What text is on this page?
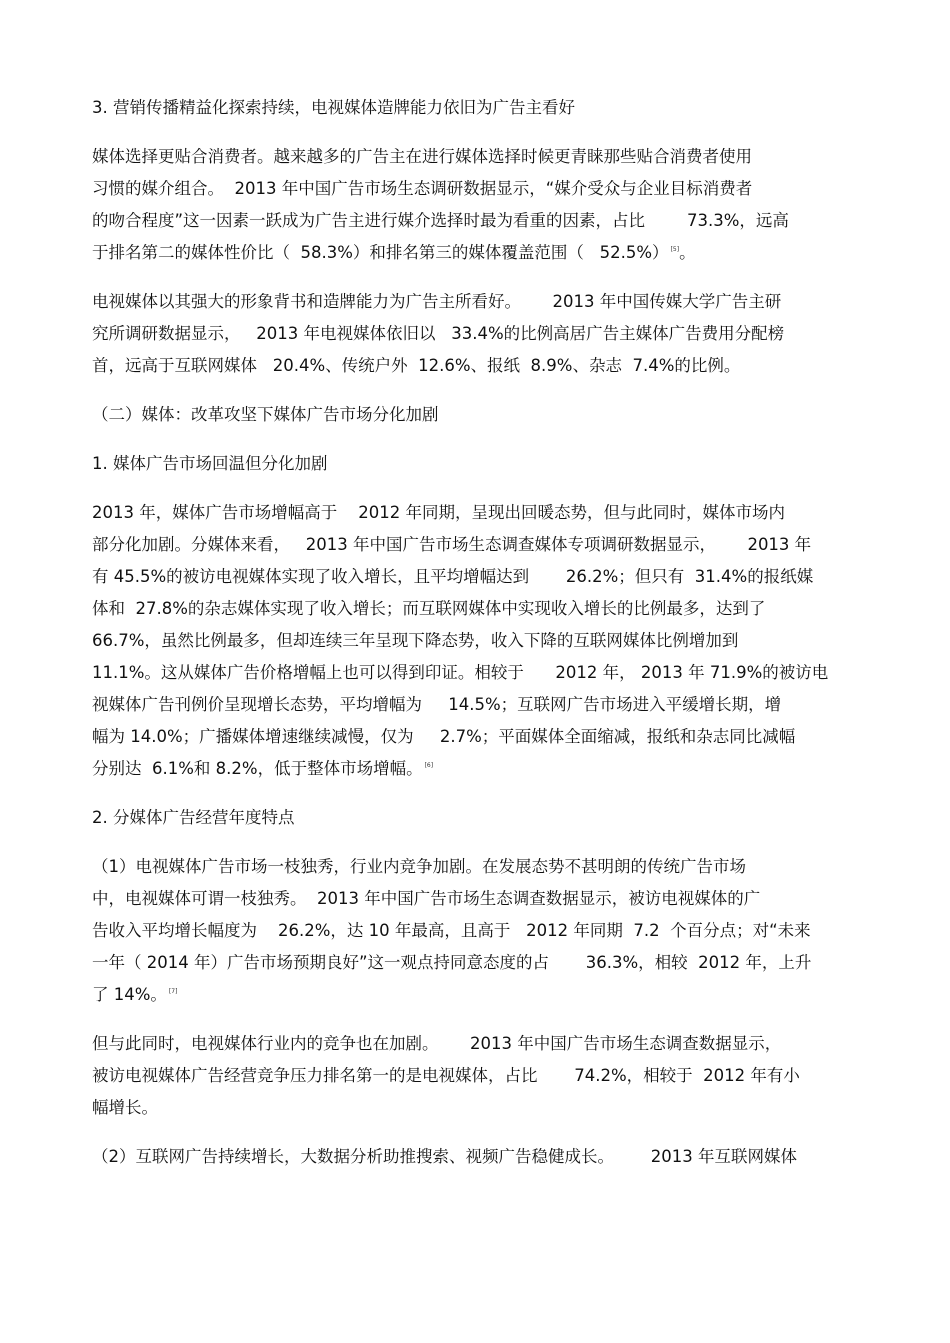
3. 营销传播精益化探索持续，电视媒体造牌能力依旧为广告主看好
媒体选择更贴合消费者。越来越多的广告主在进行媒体选择时候更青睐那些贴合消费者使用
习惯的媒介组合。  2013 年中国广告市场生态调研数据显示，“媒介受众与企业目标消费者
的吻合程度”这一因素一跃成为广告主进行媒介选择时最为看重的因素，占比        73.3%，远高
于排名第二的媒体性价比（  58.3%）和排名第三的媒体覆盖范围（   52.5%） [5]。
电视媒体以其强大的形象背书和造牌能力为广告主所看好。      2013 年中国传媒大学广告主研
究所调研数据显示，   2013 年电视媒体依旧以   33.4%的比例高居广告主媒体广告费用分配榜
首，远高于互联网媒体   20.4%、传统户外  12.6%、报纸  8.9%、杂志  7.4%的比例。
（二）媒体：改革攻坚下媒体广告市场分化加剧
1. 媒体广告市场回温但分化加剧
2013 年，媒体广告市场增幅高于    2012 年同期，呈现出回暖态势，但与此同时，媒体市场内
部分化加剧。分媒体来看，   2013 年中国广告市场生态调查媒体专项调研数据显示，      2013 年
有 45.5%的被访电视媒体实现了收入增长，且平均增幅达到       26.2%；但只有  31.4%的报纸媒
体和  27.8%的杂志媒体实现了收入增长；而互联网媒体中实现收入增长的比例最多，达到了
66.7%，虽然比例最多，但却连续三年呈现下降态势，收入下降的互联网媒体比例增加到
11.1%。这从媒体广告价格增幅上也可以得到印证。相较于      2012 年， 2013 年 71.9%的被访电
视媒体广告刊例价呈现增长态势，平均增幅为     14.5%；互联网广告市场进入平缓增长期，增
幅为 14.0%；广播媒体增速继续减慢，仅为     2.7%；平面媒体全面缩减，报纸和杂志同比减幅
分别达  6.1%和 8.2%，低于整体市场增幅。 [6]
2. 分媒体广告经营年度特点
（1）电视媒体广告市场一枝独秀，行业内竞争加剧。在发展态势不甚明朗的传统广告市场
中，电视媒体可谓一枝独秀。  2013 年中国广告市场生态调查数据显示，被访电视媒体的广
告收入平均增长幅度为    26.2%，达 10 年最高，且高于   2012 年同期  7.2  个百分点；对“未来
一年（ 2014 年）广告市场预期良好”这一观点持同意态度的占       36.3%，相较  2012 年，上升
了 14%。 [7]
但与此同时，电视媒体行业内的竞争也在加剧。      2013 年中国广告市场生态调查数据显示，
被访电视媒体广告经营竞争压力排名第一的是电视媒体，占比       74.2%，相较于  2012 年有小
幅增长。
（2）互联网广告持续增长，大数据分析助推搜索、视频广告稳健成长。       2013 年互联网媒体
